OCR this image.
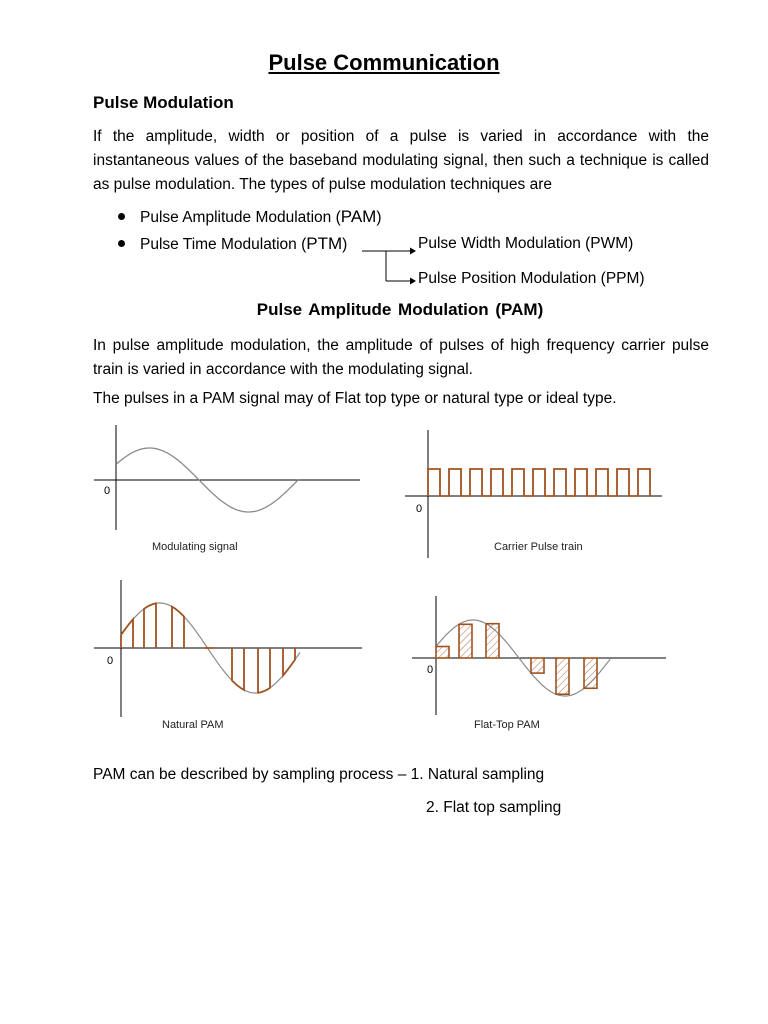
Pulse Communication
Pulse Modulation
If the amplitude, width or position of a pulse is varied in accordance with the instantaneous values of the baseband modulating signal, then such a technique is called as pulse modulation. The types of pulse modulation techniques are
Pulse Amplitude Modulation (PAM)
Pulse Time Modulation (PTM)	Pulse Width Modulation (PWM)
Pulse Position Modulation (PPM)
Pulse Amplitude Modulation (PAM)
In pulse amplitude modulation, the amplitude of pulses of high frequency carrier pulse train is varied in accordance with the modulating signal.
The pulses in a PAM signal may of Flat top type or natural type or ideal type.
0
Modulating signal
0
Carrier Pulse train
0
Natural PAM
0
Flat-Top PAM
PAM can be described by sampling process – 1. Natural sampling
2. Flat top sampling
